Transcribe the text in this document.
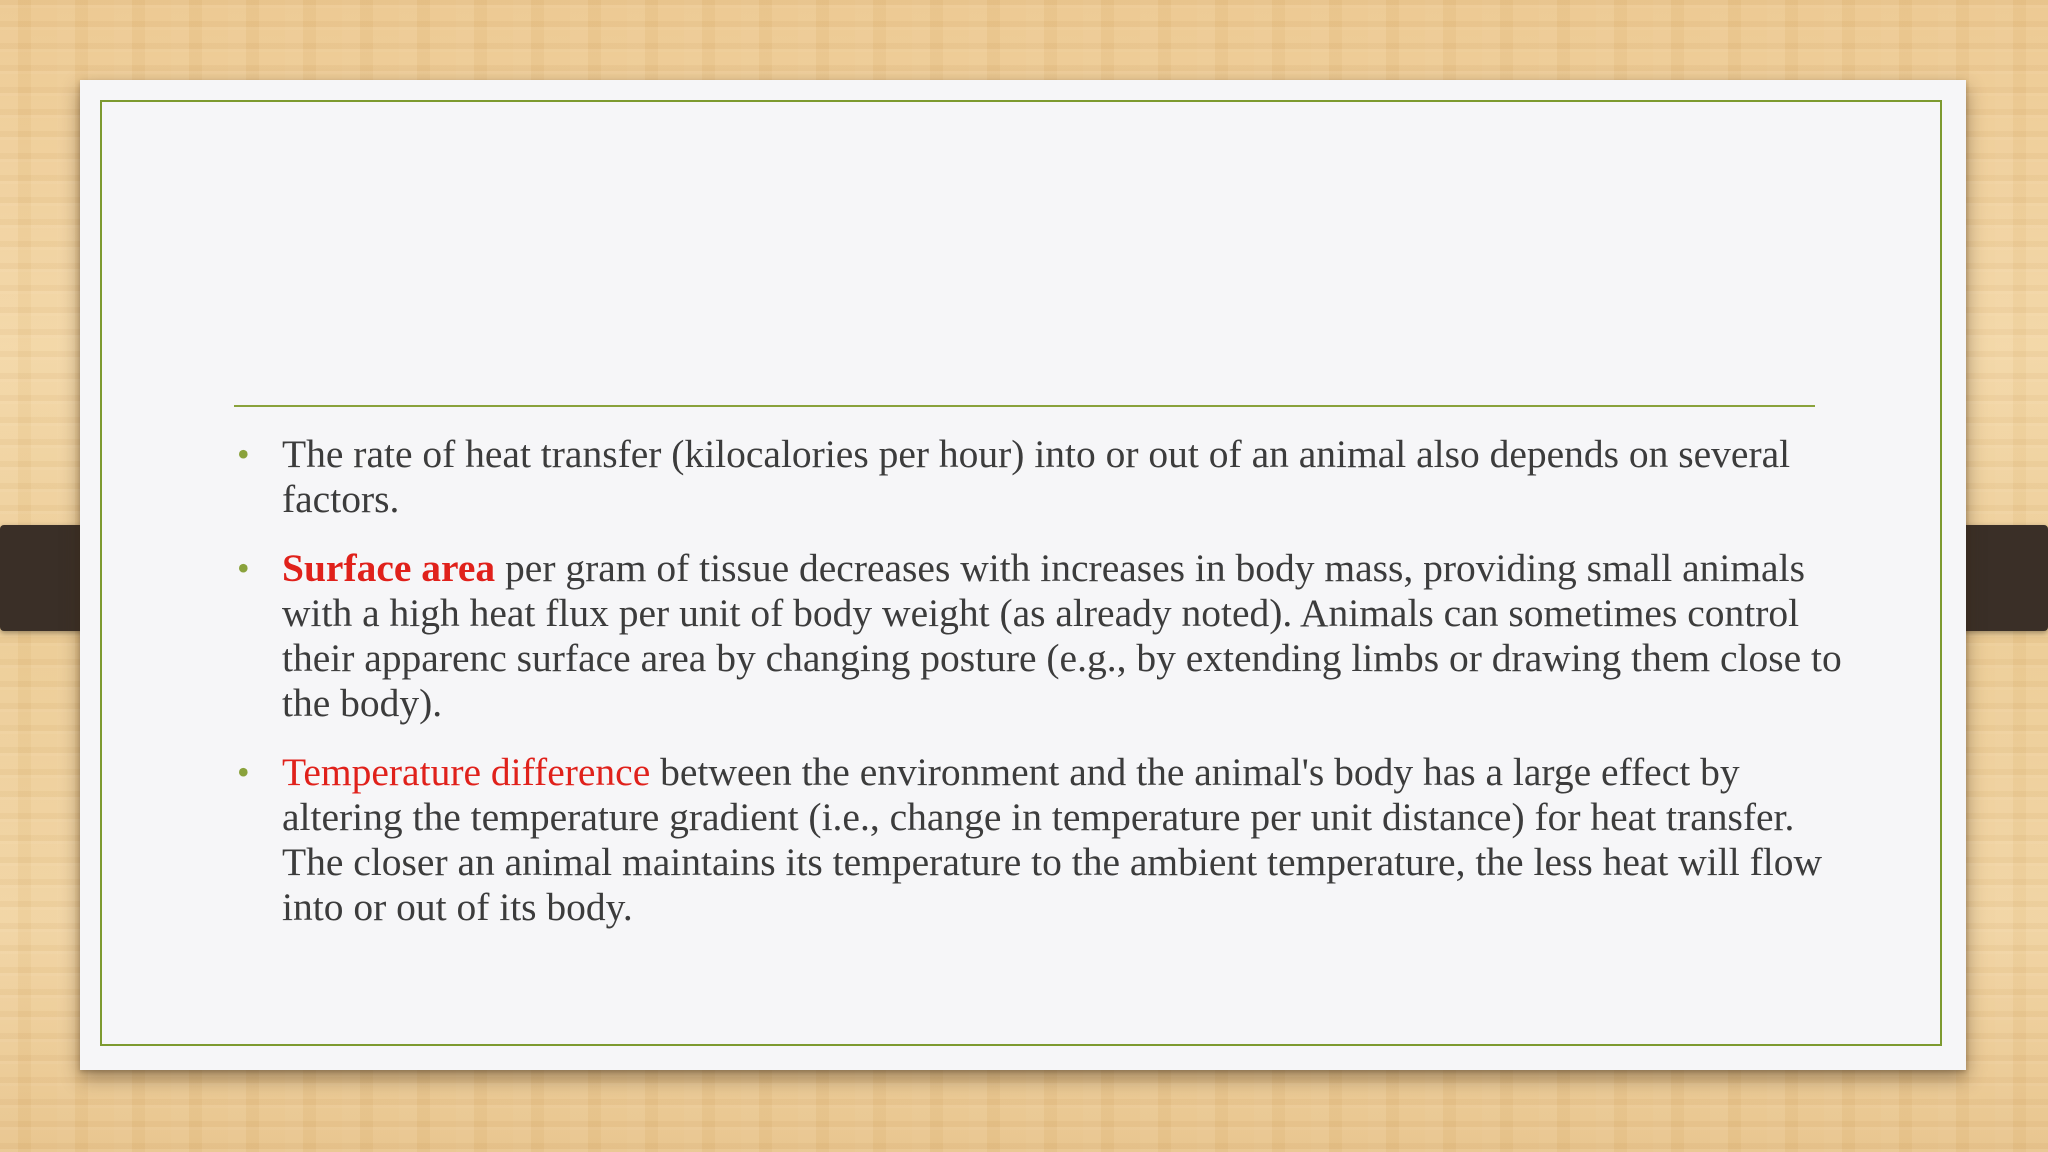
• The rate of heat transfer (kilocalories per hour) into or out of an animal also depends on several factors.
• Surface area per gram of tissue decreases with increases in body mass, providing small animals with a high heat flux per unit of body weight (as already noted). Animals can sometimes control their apparenc surface area by changing posture (e.g., by extending limbs or drawing them close to the body).
• Temperature difference between the environment and the animal's body has a large effect by altering the temperature gradient (i.e., change in temperature per unit distance) for heat transfer. The closer an animal maintains its temperature to the ambient temperature, the less heat will flow into or out of its body.
